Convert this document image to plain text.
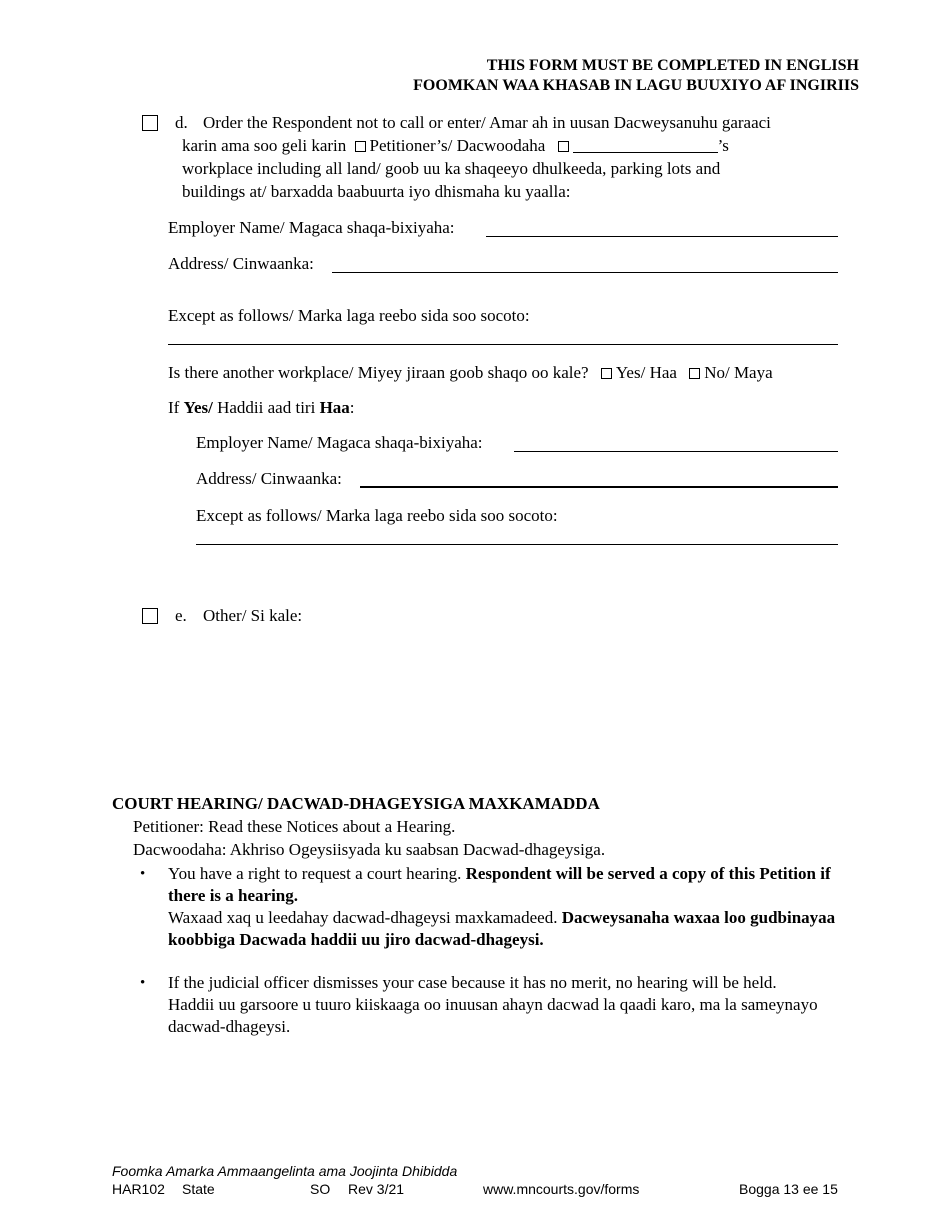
THIS FORM MUST BE COMPLETED IN ENGLISH
FOOMKAN WAA KHASAB IN LAGU BUUXIYO AF INGIRIIS
d. Order the Respondent not to call or enter/ Amar ah in uusan Dacweysanuhu garaaci
karin ama soo geli karin Petitioner’s/ Dacwoodaha	’s
workplace including all land/ goob uu ka shaqeeyo dhulkeeda, parking lots and
buildings at/ barxadda baabuurta iyo dhismaha ku yaalla:
Employer Name/ Magaca shaqa-bixiyaha:
Address/ Cinwaanka:
Except as follows/ Marka laga reebo sida soo socoto:
Is there another workplace/ Miyey jiraan goob shaqo oo kale? Yes/ Haa No/ Maya
If Yes/ Haddii aad tiri Haa:
Employer Name/ Magaca shaqa-bixiyaha:
Address/ Cinwaanka:
Except as follows/ Marka laga reebo sida soo socoto:
e. Other/ Si kale:
COURT HEARING/ DACWAD-DHAGEYSIGA MAXKAMADDA
Petitioner: Read these Notices about a Hearing.
Dacwoodaha: Akhriso Ogeysiisyada ku saabsan Dacwad-dhageysiga.
• You have a right to request a court hearing. Respondent will be served a copy of this Petition if there is a hearing.
Waxaad xaq u leedahay dacwad-dhageysi maxkamadeed. Dacweysanaha waxaa loo gudbinayaa koobbiga Dacwada haddii uu jiro dacwad-dhageysi.
• If the judicial officer dismisses your case because it has no merit, no hearing will be held.
Haddii uu garsoore u tuuro kiiskaaga oo inuusan ahayn dacwad la qaadi karo, ma la sameynayo dacwad-dhageysi.
Foomka Amarka Ammaangelinta ama Joojinta Dhibidda
HAR102 State	SO Rev 3/21	www.mncourts.gov/forms	Bogga 13 ee 15
